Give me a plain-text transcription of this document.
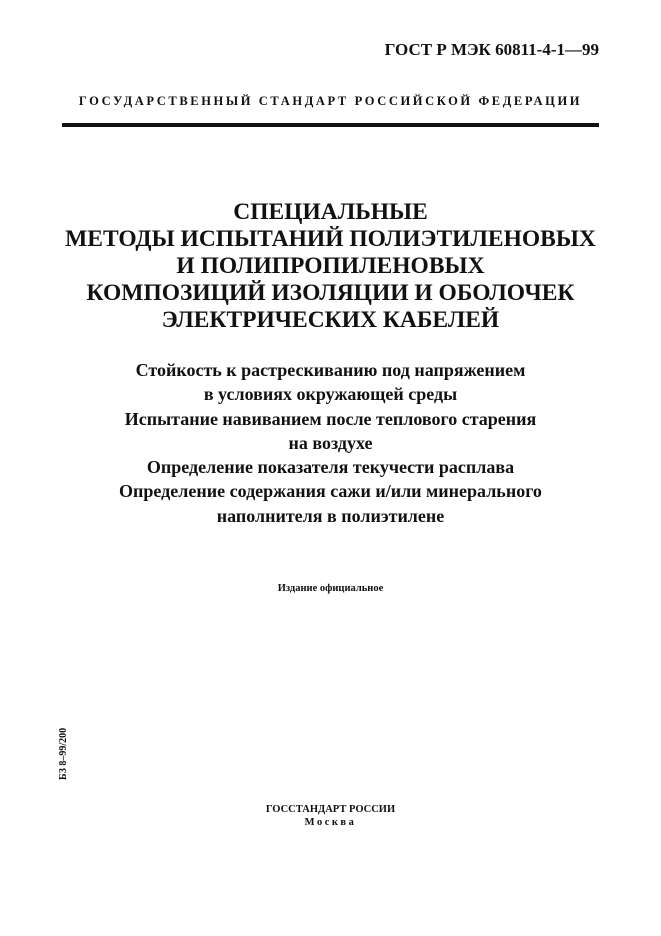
ГОСТ Р МЭК 60811-4-1—99
ГОСУДАРСТВЕННЫЙ СТАНДАРТ РОССИЙСКОЙ ФЕДЕРАЦИИ
СПЕЦИАЛЬНЫЕ
МЕТОДЫ ИСПЫТАНИЙ ПОЛИЭТИЛЕНОВЫХ
И ПОЛИПРОПИЛЕНОВЫХ
КОМПОЗИЦИЙ ИЗОЛЯЦИИ И ОБОЛОЧЕК
ЭЛЕКТРИЧЕСКИХ КАБЕЛЕЙ
Стойкость к растрескиванию под напряжением
в условиях окружающей среды
Испытание навиванием после теплового старения
на воздухе
Определение показателя текучести расплава
Определение содержания сажи и/или минерального
наполнителя в полиэтилене
Издание официальное
БЗ 8–99/200
ГОССТАНДАРТ РОССИИ
Москва
